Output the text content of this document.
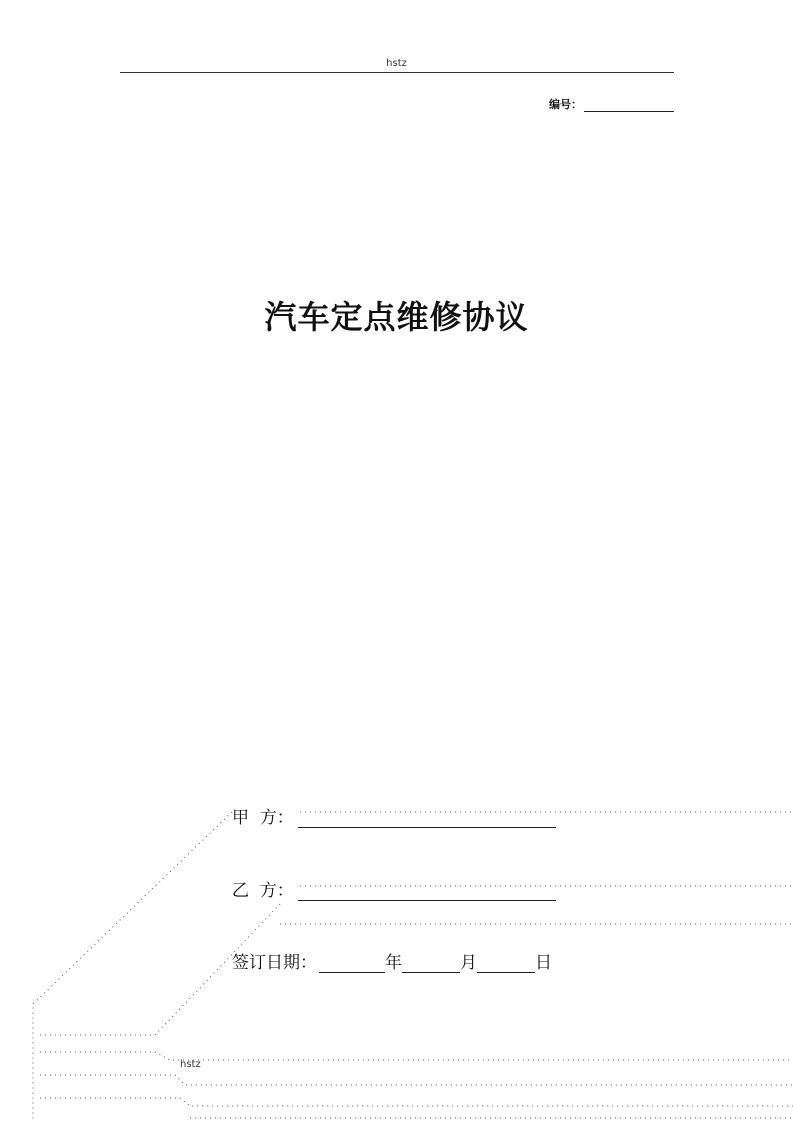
hstz
编号：
汽车定点维修协议
甲  方：
乙  方：
签订日期：	年	月	日
hstz
